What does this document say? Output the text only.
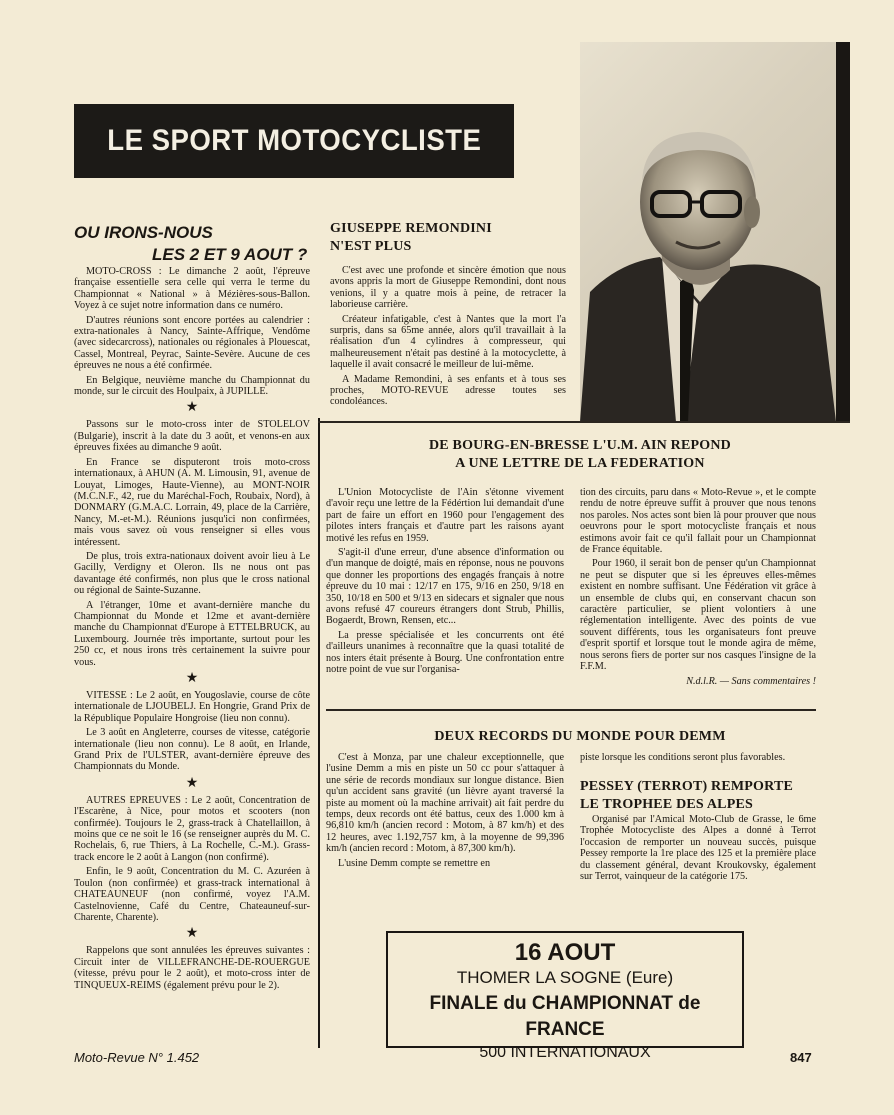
LE SPORT MOTOCYCLISTE
OU IRONS-NOUS

LES 2 ET 9 AOUT ?

MOTO-CROSS : Le dimanche 2 août, l'épreuve française essentielle sera celle qui verra le terme du Championnat « National » à Mézières-sous-Ballon. Voyez à ce sujet notre information dans ce numéro.

D'autres réunions sont encore portées au calendrier : extra-nationales à Nancy, Sainte-Affrique, Vendôme (avec sidecarcross), nationales ou régionales à Plouescat, Cassel, Montreal, Peyrac, Sainte-Sevère. Aucune de ces épreuves ne nous a été confirmée.

En Belgique, neuvième manche du Championnat du monde, sur le circuit des Houlpaix, à JUPILLE.

★

Passons sur le moto-cross inter de STOLELOV (Bulgarie), inscrit à la date du 3 août, et venons-en aux épreuves fixées au dimanche 9 août.

En France se disputeront trois moto-cross internationaux, à AHUN (A. M. Limousin, 91, avenue de Louyat, Limoges, Haute-Vienne), au MONT-NOIR (M.C.N.F., 42, rue du Maréchal-Foch, Roubaix, Nord), à DONMARY (G.M.A.C. Lorrain, 49, place de la Carrière, Nancy, M.-et-M.). Réunions jusqu'ici non confirmées, mais vous savez où vous renseigner si elles vous intéressent.

De plus, trois extra-nationaux doivent avoir lieu à Le Gacilly, Verdigny et Oleron. Ils ne nous ont pas davantage été confirmés, non plus que le cross national ou régional de Sainte-Suzanne.

A l'étranger, 10me et avant-dernière manche du Championnat du Monde et 12me et avant-dernière manche du Championnat d'Europe à ETTELBRUCK, au Luxembourg. Journée très importante, surtout pour les 250 cc, et nous irons très certainement la suivre pour vous.

★

VITESSE : Le 2 août, en Yougoslavie, course de côte internationale de LJOUBELJ. En Hongrie, Grand Prix de la République Populaire Hongroise (lieu non connu).

Le 3 août en Angleterre, courses de vitesse, catégorie internationale (lieu non connu). Le 8 août, en Irlande, Grand Prix de l'ULSTER, avant-dernière épreuve des Championnats du Monde.

★

AUTRES EPREUVES : Le 2 août, Concentration de l'Escarène, à Nice, pour motos et scooters (non confirmée). Toujours le 2, grass-track à Chatellaillon, à moins que ce ne soit le 16 (se renseigner auprès du M. C. Rochelais, 6, rue Thiers, à La Rochelle, C.-M.). Grass-track encore le 2 août à Langon (non confirmé).

Enfin, le 9 août, Concentration du M. C. Azuréen à Toulon (non confirmée) et grass-track international à CHATEAUNEUF (non confirmé, voyez l'A.M. Castelnovienne, Café du Centre, Chateauneuf-sur-Charente, Charente).

★

Rappelons que sont annulées les épreuves suivantes : Circuit inter de VILLEFRANCHE-DE-ROUERGUE (vitesse, prévu pour le 2 août), et moto-cross inter de TINQUEUX-REIMS (également prévu pour le 2).

GIUSEPPE REMONDINI
N'EST PLUS

C'est avec une profonde et sincère émotion que nous avons appris la mort de Giuseppe Remondini, dont nous venions, il y a quatre mois à peine, de retracer la laborieuse carrière.

Créateur infatigable, c'est à Nantes que la mort l'a surpris, dans sa 65me année, alors qu'il travaillait à la réalisation d'un 4 cylindres à compresseur, qui malheureusement n'était pas destiné à la motocyclette, à laquelle il avait consacré le meilleur de lui-même.

A Madame Remondini, à ses enfants et à tous ses proches, MOTO-REVUE adresse toutes ses condoléances.

DE BOURG-EN-BRESSE L'U.M. AIN REPOND
A UNE LETTRE DE LA FEDERATION

L'Union Motocycliste de l'Ain s'étonne vivement d'avoir reçu une lettre de la Fédértion lui demandait d'une part de faire un effort en 1960 pour l'engagement des pilotes inters français et d'autre part les raisons ayant motivé les refus en 1959.

S'agit-il d'une erreur, d'une absence d'information ou d'un manque de doigté, mais en réponse, nous ne pouvons que donner les proportions des engagés français à notre épreuve du 10 mai : 12/17 en 175, 9/16 en 250, 9/18 en 350, 10/18 en 500 et 9/13 en sidecars et signaler que nous avons refusé 47 coureurs étrangers dont Strub, Phillis, Bogaerdt, Brown, Rensen, etc...

La presse spécialisée et les concurrents ont été d'ailleurs unanimes à reconnaître que la quasi totalité de nos inters était présente à Bourg. Une confrontation entre notre point de vue sur l'organisa-

tion des circuits, paru dans « Moto-Revue », et le compte rendu de notre épreuve suffit à prouver que nous tenons nos paroles. Nos actes sont bien là pour prouver que nous oeuvrons pour le sport motocycliste français et nous estimons avoir fait ce qu'il fallait pour un Championnat de France équitable.

Pour 1960, il serait bon de penser qu'un Championnat ne peut se disputer que si les épreuves elles-mêmes existent en nombre suffisant. Une Fédération vit grâce à un ensemble de clubs qui, en conservant chacun son caractère particulier, se plient volontiers à une réglementation intelligente. Avec des points de vue souvent différents, tous les organisateurs font preuve d'esprit sportif et lorsque tout le monde agira de même, nous serons fiers de porter sur nos casques l'insigne de la F.F.M.

N.d.l.R. — Sans commentaires !

DEUX RECORDS DU MONDE POUR DEMM

C'est à Monza, par une chaleur exceptionnelle, que l'usine Demm a mis en piste un 50 cc pour s'attaquer à une série de records mondiaux sur longue distance. Bien qu'un accident sans gravité (un lièvre ayant traversé la piste au moment où la machine arrivait) ait fait perdre du temps, deux records ont été battus, ceux des 1.000 km à 96,810 km/h (ancien record : Motom, à 87 km/h) et des 12 heures, avec 1.192,757 km, à la moyenne de 99,396 km/h (ancien record : Motom, à 87,300 km/h).

L'usine Demm compte se remettre en

piste lorsque les conditions seront plus favorables.

PESSEY (TERROT) REMPORTE
LE TROPHEE DES ALPES

Organisé par l'Amical Moto-Club de Grasse, le 6me Trophée Motocycliste des Alpes a donné à Terrot l'occasion de remporter un nouveau succès, puisque Pessey remporte la 1re place des 125 et la première place du classement général, devant Kroukovsky, également sur Terrot, vainqueur de la catégorie 175.

16 AOUT
THOMER LA SOGNE (Eure)
FINALE du CHAMPIONNAT de FRANCE
500 INTERNATIONAUX
Moto-Revue N° 1.452	847
